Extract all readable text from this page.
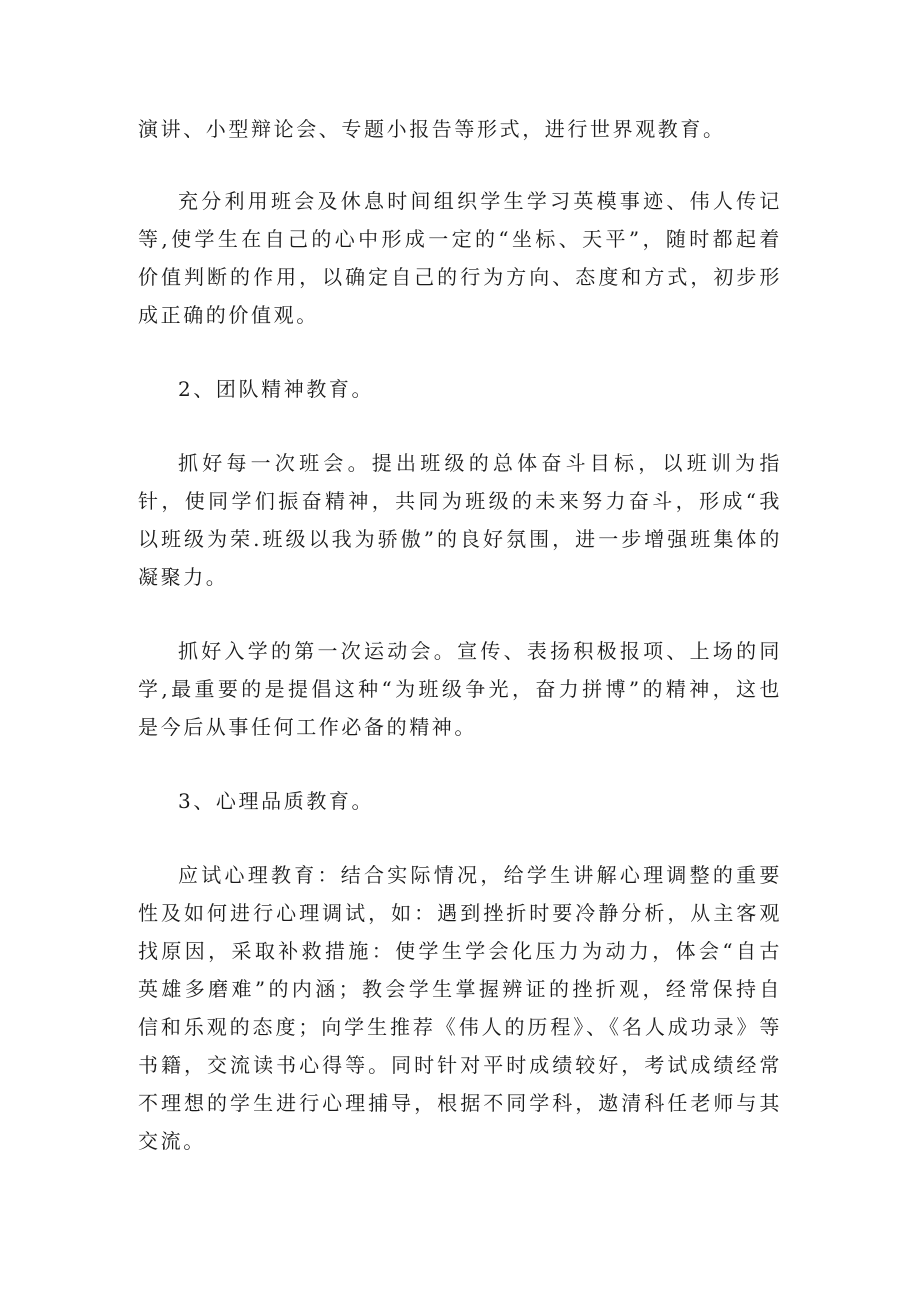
演讲、小型辩论会、专题小报告等形式，进行世界观教育。

充分利用班会及休息时间组织学生学习英模事迹、伟人传记等,使学生在自己的心中形成一定的“坐标、天平”，随时都起着价值判断的作用，以确定自己的行为方向、态度和方式，初步形成正确的价值观。

2、团队精神教育。

抓好每一次班会。提出班级的总体奋斗目标，以班训为指针，使同学们振奋精神，共同为班级的未来努力奋斗，形成“我以班级为荣.班级以我为骄傲”的良好氛围，进一步增强班集体的凝聚力。

抓好入学的第一次运动会。宣传、表扬积极报项、上场的同学,最重要的是提倡这种“为班级争光，奋力拼博”的精神，这也是今后从事任何工作必备的精神。

3、心理品质教育。

应试心理教育：结合实际情况，给学生讲解心理调整的重要性及如何进行心理调试，如：遇到挫折时要冷静分析，从主客观找原因，采取补救措施：使学生学会化压力为动力，体会“自古英雄多磨难”的内涵；教会学生掌握辨证的挫折观，经常保持自信和乐观的态度；向学生推荐《伟人的历程》、《名人成功录》等书籍，交流读书心得等。同时针对平时成绩较好，考试成绩经常不理想的学生进行心理捕导，根据不同学科，遨清科任老师与其交流。
